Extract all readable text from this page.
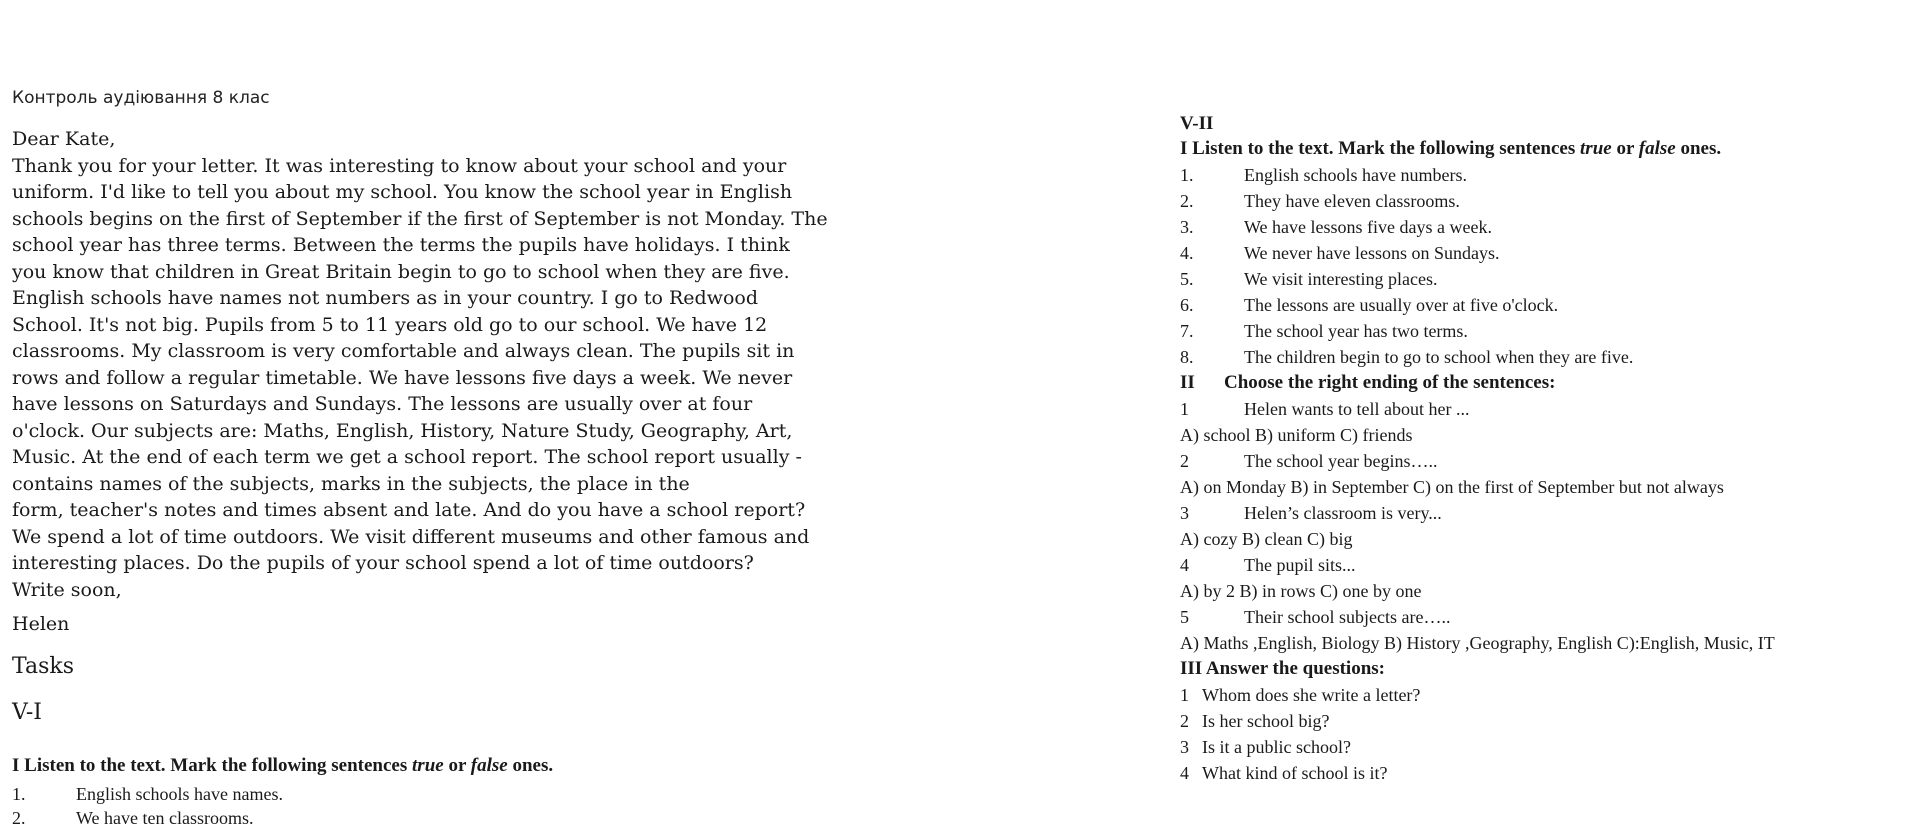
Контроль аудіювання 8 клас
Dear Kate,
Thank you for your letter. It was interesting to know about your school and your
uniform. I'd like to tell you about my school. You know the school year in English
schools begins on the first of September if the first of September is not Monday. The
school year has three terms. Between the terms the pupils have holidays. I think
you know that children in Great Britain begin to go to school when they are five.
English schools have names not numbers as in your country. I go to Redwood
School. It's not big. Pupils from 5 to 11 years old go to our school. We have 12
classrooms. My classroom is very comfortable and always clean. The pupils sit in
rows and follow a regular timetable. We have lessons five days a week. We never
have lessons on Saturdays and Sundays. The lessons are usually over at four
o'clock. Our subjects are: Maths, English, History, Nature Study, Geography, Art,
Music. At the end of each term we get a school report. The school report usually -
contains names of the subjects, marks in the subjects, the place in the
form, teacher's notes and times absent and late. And do you have a school report?
We spend a lot of time outdoors. We visit different museums and other famous and
interesting places. Do the pupils of your school spend a lot of time outdoors?
Write soon,
Helen
Tasks
V-I
I Listen to the text. Mark the following sentences true or false ones.
1.	English schools have names.
2.	We have ten classrooms.
V-II
I Listen to the text. Mark the following sentences true or false ones.
1.	English schools have numbers.
2.	They have eleven classrooms.
3.	We have lessons five days a week.
4.	We never have lessons on Sundays.
5.	We visit interesting places.
6.	The lessons are usually over at five o'clock.
7.	The school year has two terms.
8.	The children begin to go to school when they are five.
II Choose the right ending of the sentences:
1	Helen wants to tell about her ...
A) school B) uniform C) friends
2	The school year begins…..
A) on Monday B) in September C) on the first of September but not always
3	Helen’s classroom is very...
A) cozy B) clean C) big
4	The pupil sits...
A) by 2 B) in rows C) one by one
5	Their school subjects are…..
A) Maths ,English, Biology B) History ,Geography, English C):English, Music, IT
III Answer the questions:
1 Whom does she write a letter?
2 Is her school big?
3 Is it a public school?
4 What kind of school is it?
